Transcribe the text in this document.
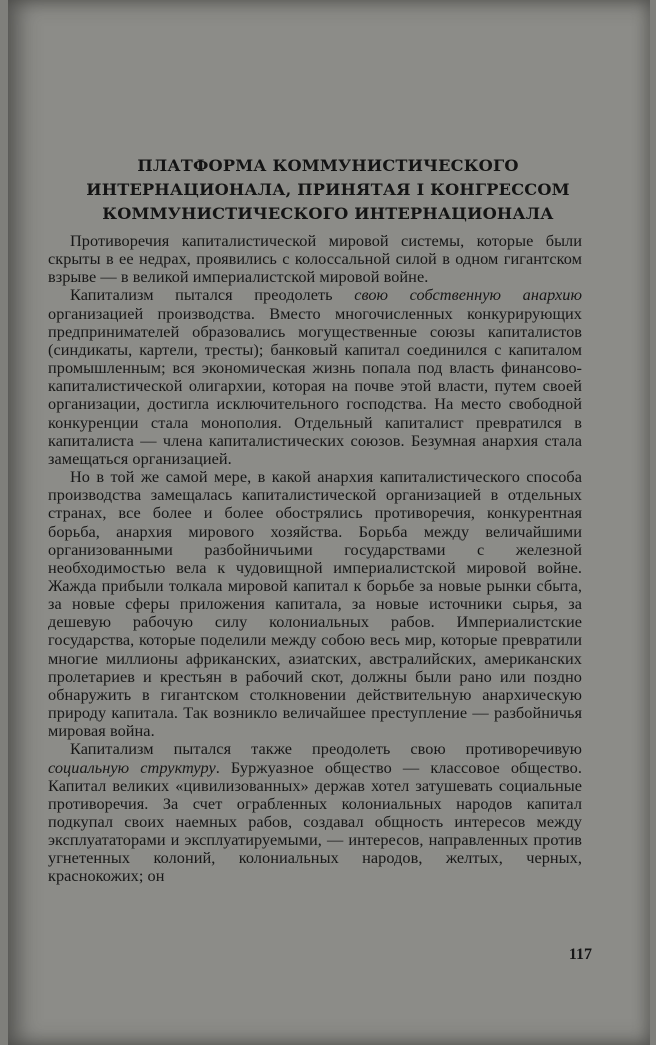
ПЛАТФОРМА КОММУНИСТИЧЕСКОГО
ИНТЕРНАЦИОНАЛА, ПРИНЯТАЯ I КОНГРЕССОМ
КОММУНИСТИЧЕСКОГО ИНТЕРНАЦИОНАЛА

Противоречия капиталистической мировой системы, которые были скрыты в ее недрах, проявились с колоссальной силой в одном гигантском взрыве — в великой империалистской мировой войне.

Капитализм пытался преодолеть свою собственную анархию организацией производства. Вместо многочисленных конкурирующих предпринимателей образовались могущественные союзы капиталистов (синдикаты, картели, тресты); банковый капитал соединился с капиталом промышленным; вся экономическая жизнь попала под власть финансово-капиталистической олигархии, которая на почве этой власти, путем своей организации, достигла исключительного господства. На место свободной конкуренции стала монополия. Отдельный капиталист превратился в капиталиста — члена капиталистических союзов. Безумная анархия стала замещаться организацией.

Но в той же самой мере, в какой анархия капиталистического способа производства замещалась капиталистической организацией в отдельных странах, все более и более обострялись противоречия, конкурентная борьба, анархия мирового хозяйства. Борьба между величайшими организованными разбойничьими государствами с железной необходимостью вела к чудовищной империалистской мировой войне. Жажда прибыли толкала мировой капитал к борьбе за новые рынки сбыта, за новые сферы приложения капитала, за новые источники сырья, за дешевую рабочую силу колониальных рабов. Империалистские государства, которые поделили между собою весь мир, которые превратили многие миллионы африканских, азиатских, австралийских, американских пролетариев и крестьян в рабочий скот, должны были рано или поздно обнаружить в гигантском столкновении действительную анархическую природу капитала. Так возникло величайшее преступление — разбойничья мировая война.

Капитализм пытался также преодолеть свою противоречивую социальную структуру. Буржуазное общество — классовое общество. Капитал великих «цивилизованных» держав хотел затушевать социальные противоречия. За счет ограбленных колониальных народов капитал подкупал своих наемных рабов, создавал общность интересов между эксплуататорами и эксплуатируемыми, — интересов, направленных против угнетенных колоний, колониальных народов, желтых, черных, краснокожих; он

117
